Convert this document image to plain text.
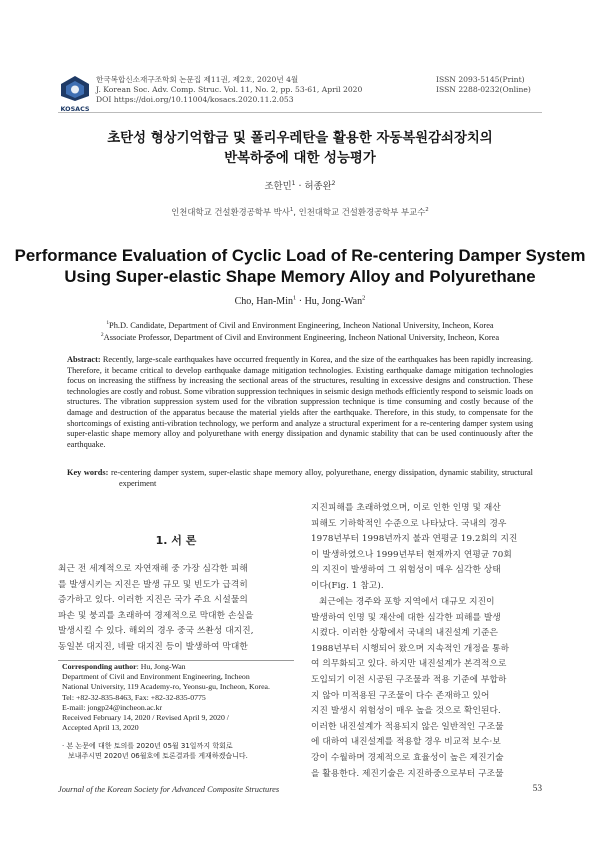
KOSACS
한국복합신소재구조학회 논문집 제11권, 제2호, 2020년 4월
J. Korean Soc. Adv. Comp. Struc. Vol. 11, No. 2, pp. 53-61, April 2020
DOI https://doi.org/10.11004/kosacs.2020.11.2.053
ISSN 2093-5145(Print)
ISSN 2288-0232(Online)
초탄성 형상기억합금 및 폴리우레탄을 활용한 자동복원감쇠장치의
반복하중에 대한 성능평가
조한민$^1$ · 허종완$^2$
인천대학교 건설환경공학부 박사$^1$, 인천대학교 건설환경공학부 부교수$^2$
Performance Evaluation of Cyclic Load of Re-centering Damper System
Using Super-elastic Shape Memory Alloy and Polyurethane
Cho, Han-Min$^1$ · Hu, Jong-Wan$^2$
$^1$Ph.D. Candidate, Department of Civil and Environment Engineering, Incheon National University, Incheon, Korea
$^2$Associate Professor, Department of Civil and Environment Engineering, Incheon National University, Incheon, Korea
Abstract: Recently, large-scale earthquakes have occurred frequently in Korea, and the size of the earthquakes has been rapidly increasing. Therefore, it became critical to develop earthquake damage mitigation technologies. Existing earthquake damage mitigation technologies focus on increasing the stiffness by increasing the sectional areas of the structures, resulting in excessive designs and construction. These technologies are costly and robust. Some vibration suppression techniques in seismic design methods efficiently respond to seismic loads on structures. The vibration suppression system used for the vibration suppression technique is time consuming and costly because of the damage and destruction of the apparatus because the material yields after the earthquake. Therefore, in this study, to compensate for the shortcomings of existing anti-vibration technology, we perform and analyze a structural experiment for a re-centering damper system using super-elastic shape memory alloy and polyurethane with energy dissipation and dynamic stability that can be used continuously after the earthquake.
Key words: re-centering damper system, super-elastic shape memory alloy, polyurethane, energy dissipation, dynamic stability, structural experiment
1. 서 론
최근 전 세계적으로 자연재해 중 가장 심각한 피해
를 발생시키는 지진은 발생 규모 및 빈도가 급격히
증가하고 있다. 이러한 지진은 국가 주요 시설물의
파손 및 붕괴를 초래하여 경제적으로 막대한 손실을
발생시킬 수 있다. 해외의 경우 중국 쓰촨성 대지진,
동일본 대지진, 네팔 대지진 등이 발생하여 막대한
Corresponding author: Hu, Jong-Wan
Department of Civil and Environment Engineering, Incheon
National University, 119 Academy-ro, Yeonsu-gu, Incheon, Korea.
Tel: +82-32-835-8463, Fax: +82-32-835-0775
E-mail: jongp24@incheon.ac.kr
Received February 14, 2020 / Revised April 9, 2020 /
Accepted April 13, 2020
· 본 논문에 대한 토의를 2020년 05월 31일까지 학회로
보내주시면 2020년 06월호에 토론결과를 게재하겠습니다.
지진피해를 초래하였으며, 이로 인한 인명 및 재산
피해도 기하학적인 수준으로 나타났다. 국내의 경우
1978년부터 1998년까지 불과 연평균 19.2회의 지진
이 발생하였으나 1999년부터 현재까지 연평균 70회
의 지진이 발생하여 그 위험성이 매우 심각한 상태
이다(Fig. 1 참고).
최근에는 경주와 포항 지역에서 대규모 지진이
발생하여 인명 및 재산에 대한 심각한 피해를 발생
시켰다. 이러한 상황에서 국내의 내진설계 기준은
1988년부터 시행되어 왔으며 지속적인 개정을 통하
여 의무화되고 있다. 하지만 내진설계가 본격적으로
도입되기 이전 시공된 구조물과 적용 기준에 부합하
지 않아 미적용된 구조물이 다수 존재하고 있어
지진 발생시 위험성이 매우 높을 것으로 확인된다.
이러한 내진설계가 적용되지 않은 일반적인 구조물
에 대하여 내진설계를 적용할 경우 비교적 보수·보
강이 수월하며 경제적으로 효율성이 높은 제진기술
을 활용한다. 제진기술은 지진하중으로부터 구조물
Journal of the Korean Society for Advanced Composite Structures	53
